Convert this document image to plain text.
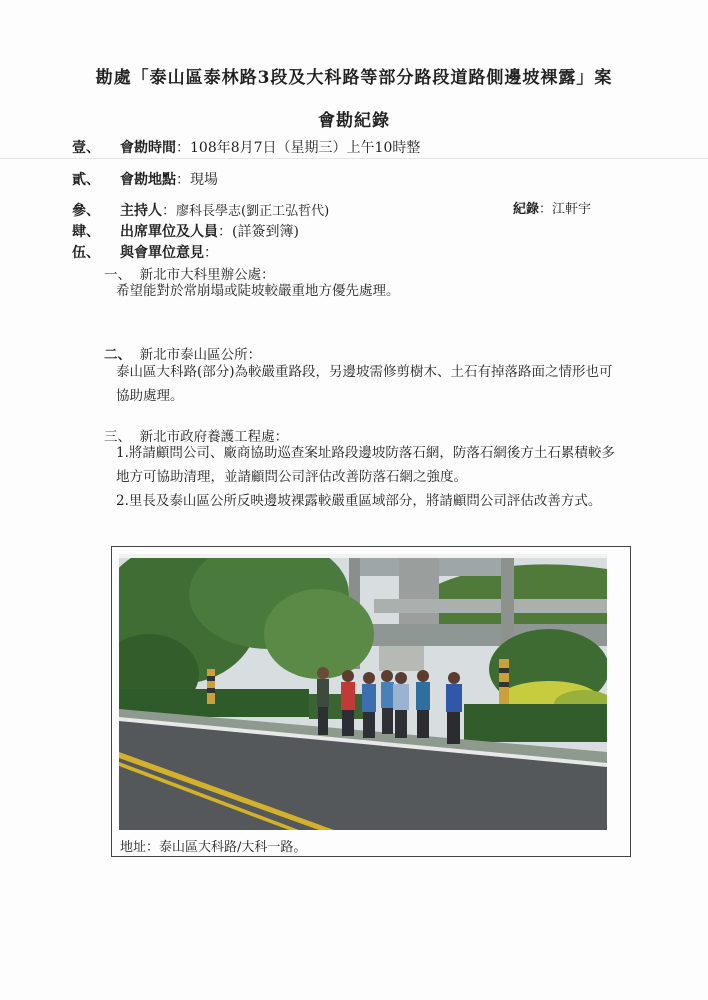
勘處「泰山區泰林路3段及大科路等部分路段道路側邊坡裸露」案
會勘紀錄
壹、 會勘時間：108年8月7日（星期三）上午10時整
貳、 會勘地點：現場
參、 主持人：廖科長學志(劉正工弘哲代)	紀錄：江軒宇
肆、 出席單位及人員：(詳簽到簿)
伍、 與會單位意見：
一、 新北市大科里辦公處：
希望能對於常崩塌或陡坡較嚴重地方優先處理。
二、 新北市泰山區公所：
泰山區大科路(部分)為較嚴重路段，另邊坡需修剪樹木、土石有掉落路面之情形也可協助處理。
三、 新北市政府養護工程處：
1.將請顧問公司、廠商協助巡查案址路段邊坡防落石網，防落石網後方土石累積較多地方可協助清理，並請顧問公司評估改善防落石網之強度。
2.里長及泰山區公所反映邊坡裸露較嚴重區域部分，將請顧問公司評估改善方式。
地址：泰山區大科路/大科一路。
